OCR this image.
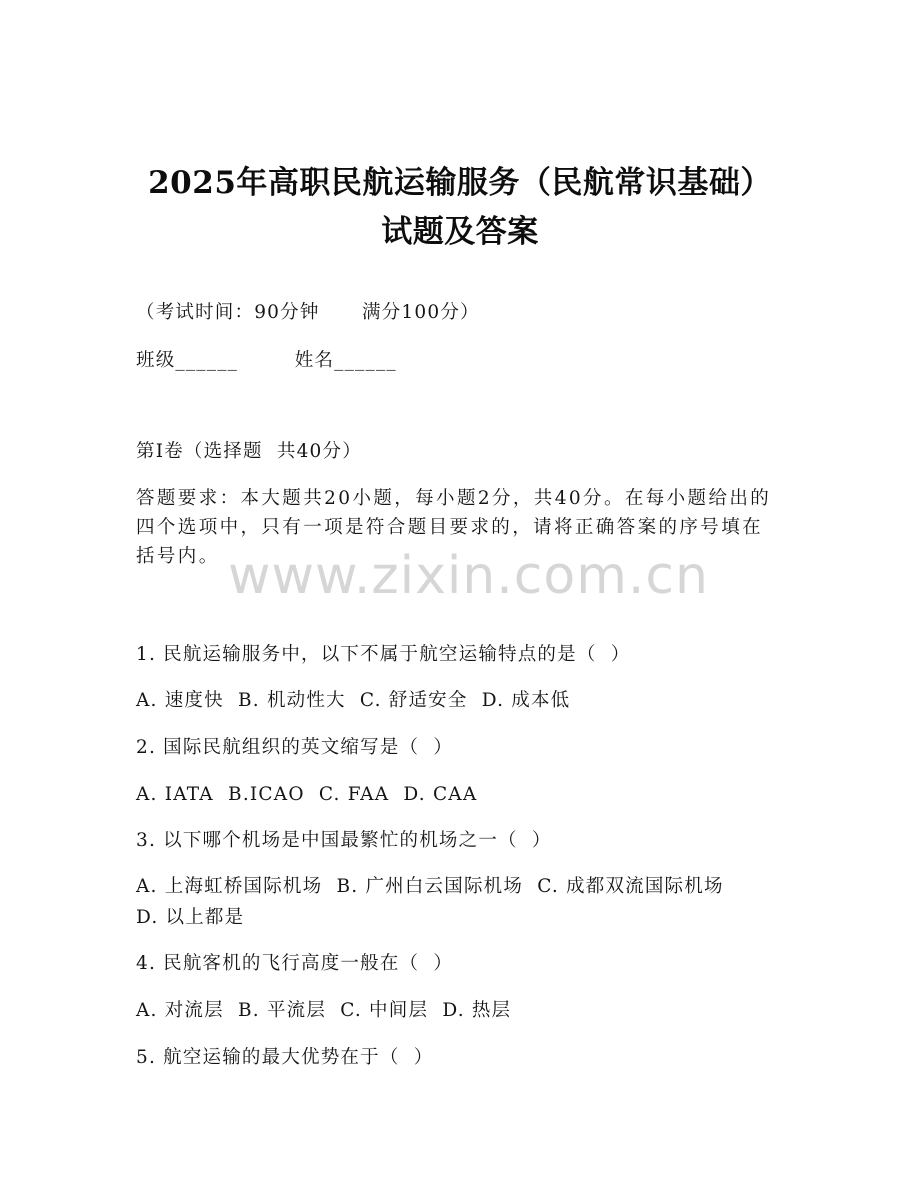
2025年高职民航运输服务（民航常识基础）
试题及答案
（考试时间：90分钟      满分100分）
班级______        姓名______
第I卷（选择题  共40分）
答题要求：本大题共20小题，每小题2分，共40分。在每小题给出的四个选项中，只有一项是符合题目要求的，请将正确答案的序号填在括号内。 www.zixin.com.cn
1. 民航运输服务中，以下不属于航空运输特点的是（  ）
A. 速度快  B. 机动性大  C. 舒适安全  D. 成本低
2. 国际民航组织的英文缩写是（  ）
A. IATA  B.ICAO  C. FAA  D. CAA
3. 以下哪个机场是中国最繁忙的机场之一（  ）
A. 上海虹桥国际机场  B. 广州白云国际机场  C. 成都双流国际机场
D. 以上都是
4. 民航客机的飞行高度一般在（  ）
A. 对流层  B. 平流层  C. 中间层  D. 热层
5. 航空运输的最大优势在于（  ）
